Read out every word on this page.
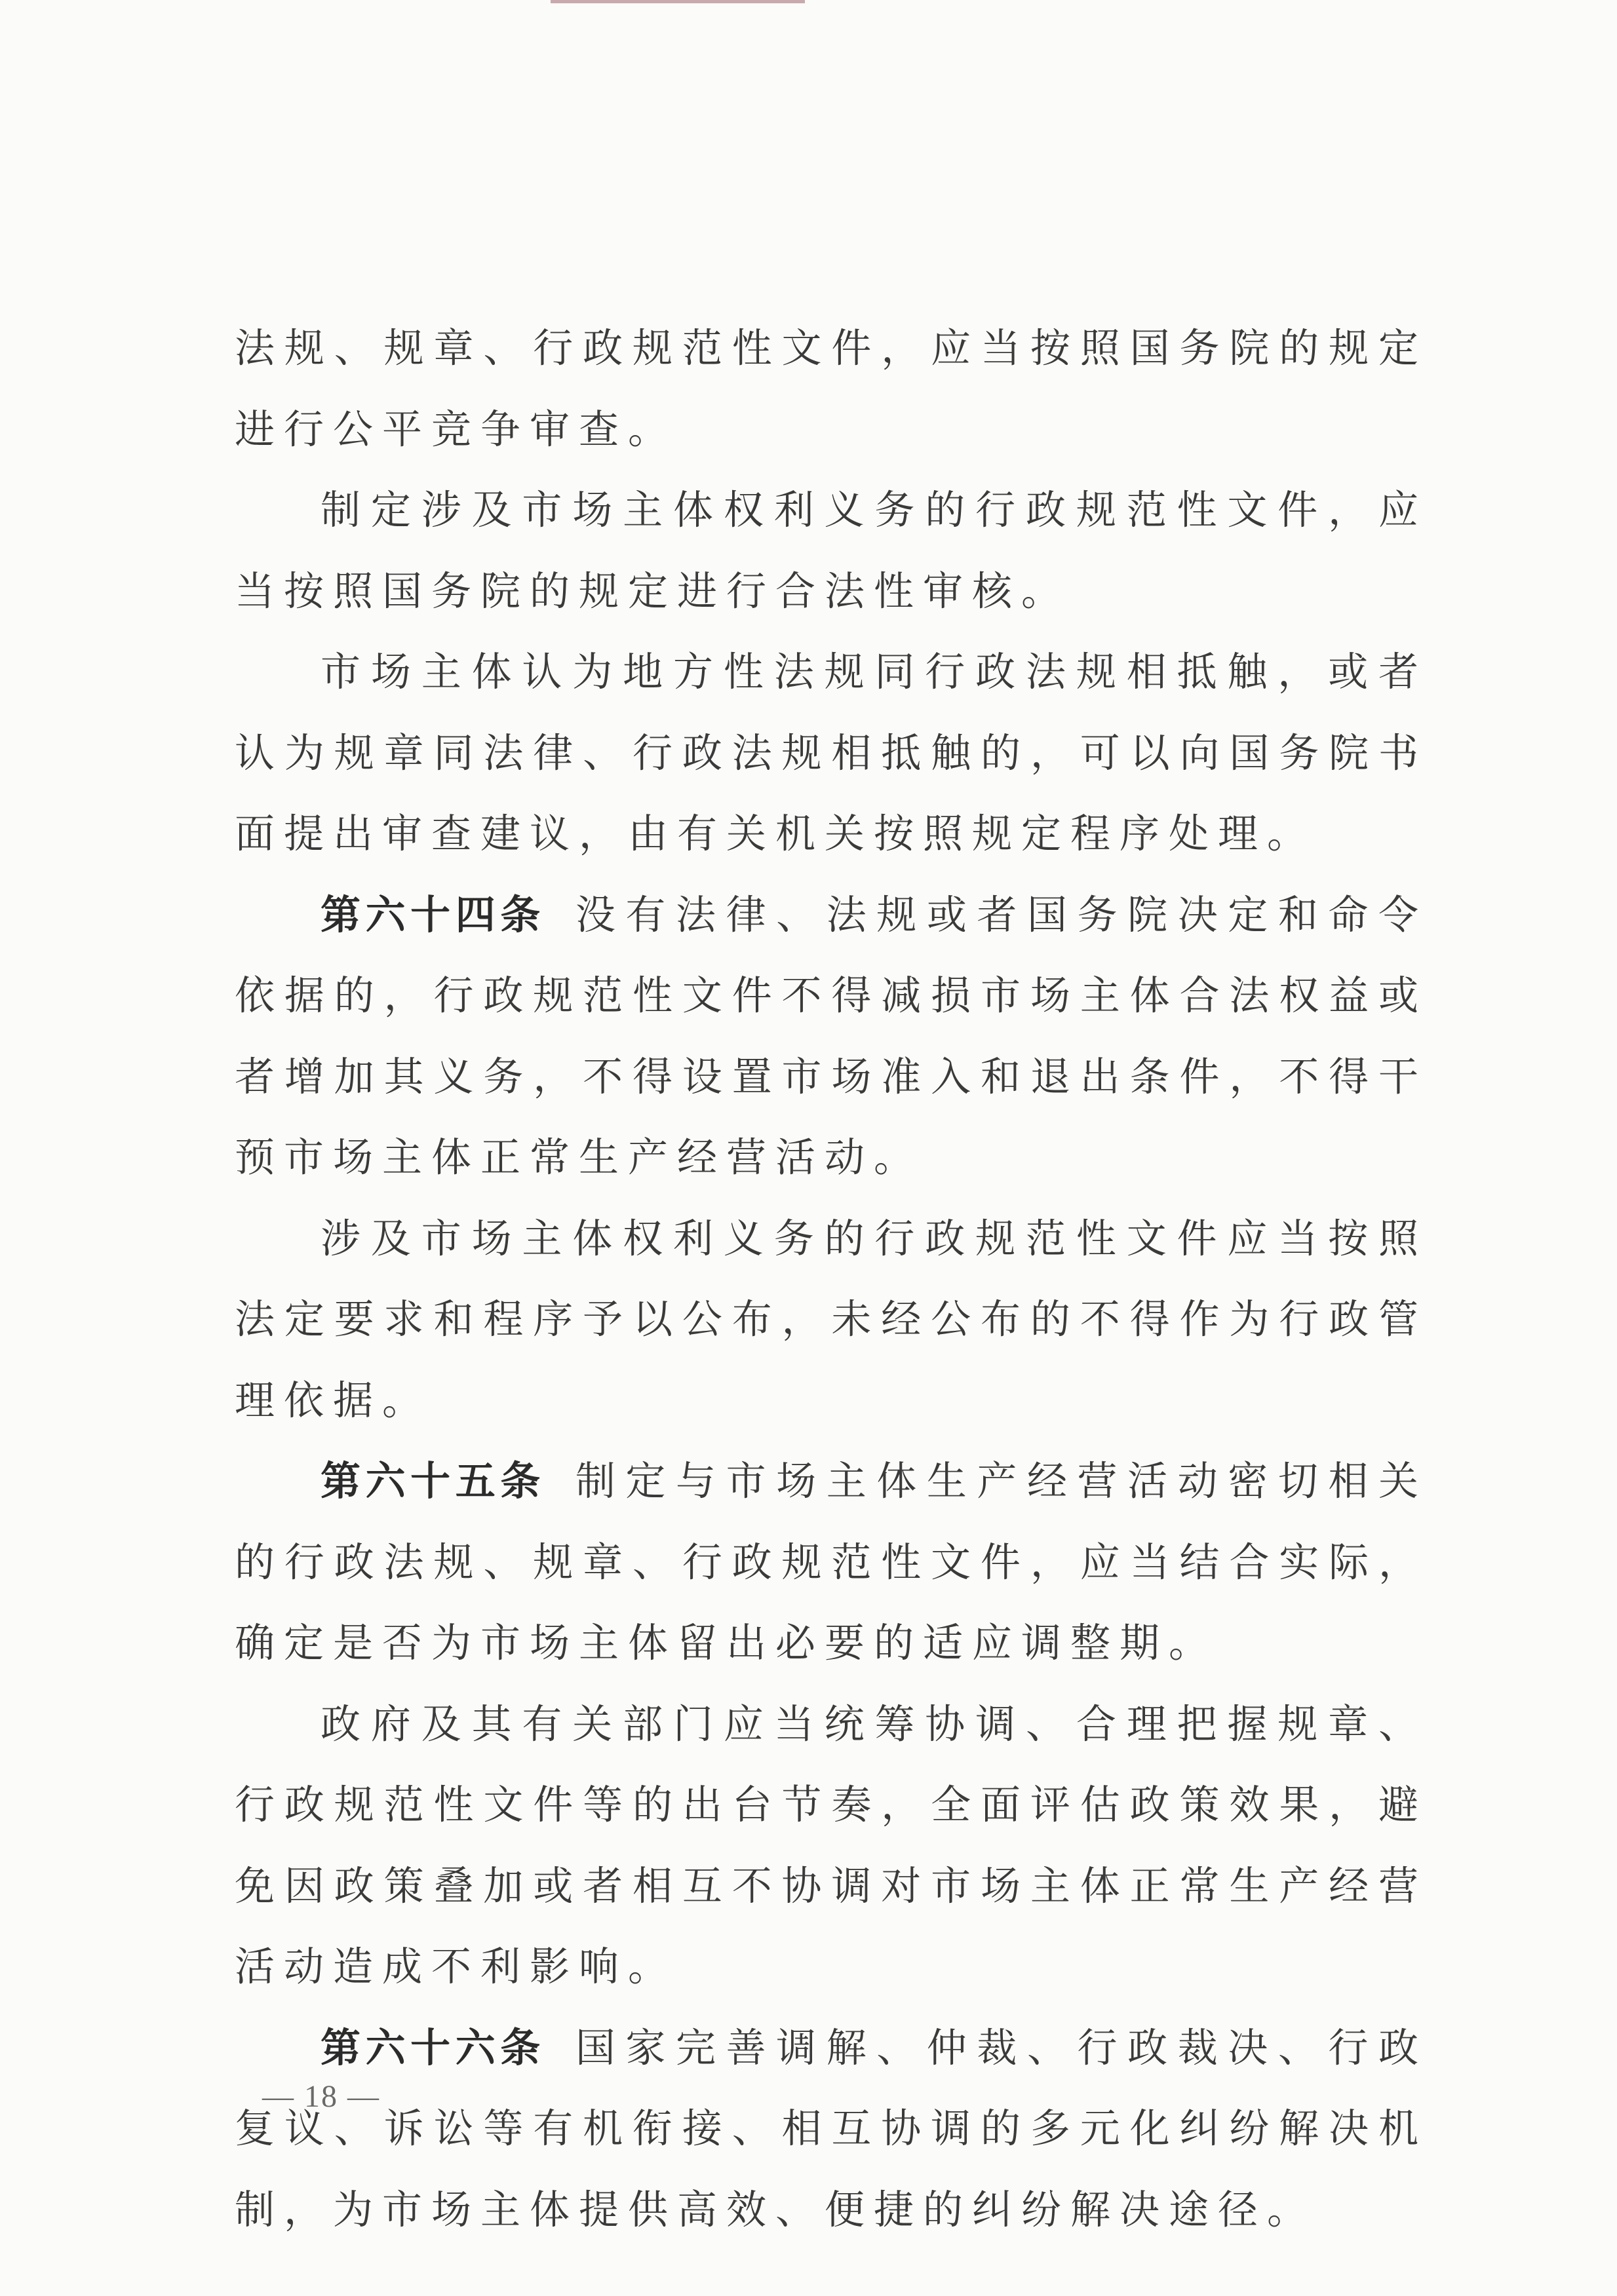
法规、规章、行政规范性文件，应当按照国务院的规定进行公平竞争审查。

制定涉及市场主体权利义务的行政规范性文件，应当按照国务院的规定进行合法性审核。

市场主体认为地方性法规同行政法规相抵触，或者认为规章同法律、行政法规相抵触的，可以向国务院书面提出审查建议，由有关机关按照规定程序处理。

第六十四条 没有法律、法规或者国务院决定和命令依据的，行政规范性文件不得减损市场主体合法权益或者增加其义务，不得设置市场准入和退出条件，不得干预市场主体正常生产经营活动。

涉及市场主体权利义务的行政规范性文件应当按照法定要求和程序予以公布，未经公布的不得作为行政管理依据。

第六十五条 制定与市场主体生产经营活动密切相关的行政法规、规章、行政规范性文件，应当结合实际，确定是否为市场主体留出必要的适应调整期。

政府及其有关部门应当统筹协调、合理把握规章、行政规范性文件等的出台节奏，全面评估政策效果，避免因政策叠加或者相互不协调对市场主体正常生产经营活动造成不利影响。

第六十六条 国家完善调解、仲裁、行政裁决、行政复议、诉讼等有机衔接、相互协调的多元化纠纷解决机制，为市场主体提供高效、便捷的纠纷解决途径。

— 18 —
